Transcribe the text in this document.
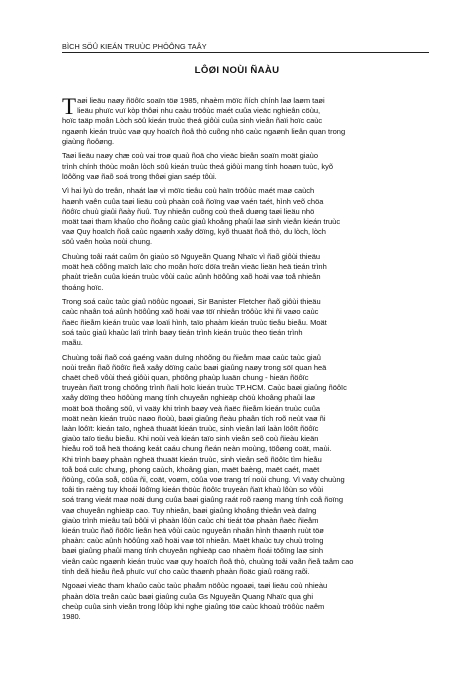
BÌCH SÖÛ KIEÁN TRUÙC PHÖÔNG TAÂY
LÔØI NOÙI ÑAÀU
T aøi lieäu naøy ñöôïc soaïn töø 1985, nhaèm möïc ñích chính laø laøm taøi
lieäu phuïc vuï kòp thôøi nhu caàu tröôùc maét cuûa vieäc nghieân cöùu,
hoïc taäp moân Lòch söû kieán truùc theá giôùi cuûa sinh vieân ñaïi hoïc caùc
ngaønh kieán truùc vaø quy hoaïch ñoâ thò cuõng nhö caùc ngaønh lieân quan trong
giaùng ñoôøng.
Taøi lieäu naøy chæ coù vai troø quaù ñoä cho vieäc bieân soaïn moät giaùo
trình chính thöùc moân lòch söû kieán truùc theá giôùi mang tính hoaøn tuùc, kyõ
löôõng vaø ñaõ soá trong thôøi gian saép tôùi.
Vì hai lyù do treân, nhaát laø vì möïc tieâu coù haïn tröôùc maét maø caùch
haønh vaên cuûa taøi lieäu coù phaàn coâ ñoïng vaø vaén taét, hình veõ chöa
ñöôïc chuù giaûi ñaày ñuû. Tuy nhieân cuõng coù theå duøng taøi lieäu nhö
moät taøi tham khaûo cho ñoâng caùc giaû khoâng phaûi laø sinh vieân kieán truùc
vaø Quy hoaïch ñoâ caùc ngaønh xaây döïng, kyõ thuaät ñoâ thò, du lòch, lòch
söû vaên hoùa noùi chung.
Chuùng toâi raát caûm ôn giaùo sö Nguyeãn Quang Nhaïc vì ñaõ giôùi thieäu
moät heä côõng maïch laïc cho moân hoïc döïa treân vieäc lieän heä tieán trình
phaùt trieån cuûa kieán truùc vôùi caùc aûnh höôûng xaõ hoäi vaø toå nhieân
thoáng hoïc.
Trong soá caùc taùc giaû nöôùc ngoaøi, Sir Banister Fletcher ñaõ giôùi thieäu
caùc nhaân toá aûnh höôûng xaõ hoäi vaø töï nhieân tröôùc khi ñi vaøo caùc
ñaëc ñieåm kieán truùc vaø loaïi hình, taïo phaàm kieán truùc tieâu bieåu. Moät
soá taùc giaû khaùc laïi trình baøy tieán trình kieán truùc theo tieán trình
maãu.
Chuùng toâi ñaõ coá gaéng vaän duïng nhöõng öu ñieåm maø caùc taùc giaû
noùi treân ñaõ ñöôïc ñeå xaây döïng caùc baøi giaûng naøy trong söï quan heä
chaët cheõ vôùi theá giôùi quan, phöông phaùp luaän chung - hieän ñöôïc
truyeàn ñaït trong chöông trình ñaïi hoïc kieán truùc TP.HCM. Caùc baøi giaûng ñöôïc
xaây döïng theo höôùng mang tính chuyeân nghieäp chöù khoâng phaûi laø
moät boä thoâng söû, vì vaäy khi trình baøy veà ñaëc ñieåm kieán truùc cuûa
moät neàn kieán truùc naøo ñoùù, baøi giaûng ñeàu phaân tích roõ neùt vaø ñi
laàn löôït: kieán taïo, ngheä thuaät kieán truùc, sinh vieân laïi laàn löôït ñöôïc
giaùo taïo tieâu bieåu. Khi noùi veà kieán taïo sinh vieân seõ coù ñieàu kieän
hieåu roõ toå heä thoáng keát caáu chung ñeán neàn moùng, töôøng coät, maùi.
Khi trình baøy phaàn ngheä thuaät kieán truùc, sinh vieân seõ ñöôïc tìm hieåu
toå boá cuïc chung, phong caùch, khoâng gian, maët baèng, maët caét, maët
ñöùng, cöûa soå, cöûa ñi, coät, voøm, cöûa voø trang trí noùi chung. Vì vaäy chuùng
toâi tin raèng tuy khoái löôïng kieán thöùc ñöôïc truyeàn ñaït khaù lôùn so vôùi
soá trang vieát maø noäi dung cuûa baøi giaûng raát roõ raøng mang tính coâ ñoïng
vaø chuyeân nghieäp cao. Tuy nhieân, baøi giaûng khoâng thieân veà daïng
giaùo trình mieâu taû bôûi vì phaàn lôùn caùc chi tieát töø phaàn ñaëc ñieåm
kieán truùc ñaõ ñöôïc lieân heä vôùi caùc nguyeân nhaân hình thaønh ruùt töø
phaàn: caùc aûnh höôûng xaõ hoäi vaø töï nhieân. Maët khaùc tuy chuù troïng
baøi giaûng phaûi mang tính chuyeân nghieäp cao nhaèm ñoái töôïng laø sinh
vieân caùc ngaønh kieán truùc vaø quy hoaïch ñoâ thò, chuùng toâi vaãn ñeå taâm cao
tính deã hieåu ñeå phuïc vuï cho caùc thaønh phaàn ñoäc giaû roäng raõi.
Ngoaøi vieäc tham khaûo caùc taùc phaåm nöôùc ngoaøi, taøi lieäu coù nhieàu
phaàn döïa treân caùc baøi giaûng cuûa Gs Nguyeãn Quang Nhaïc qua ghi
cheùp cuûa sinh vieân trong lôùp khi nghe giaûng töø caùc khoaù tröôùc naêm
1980.
